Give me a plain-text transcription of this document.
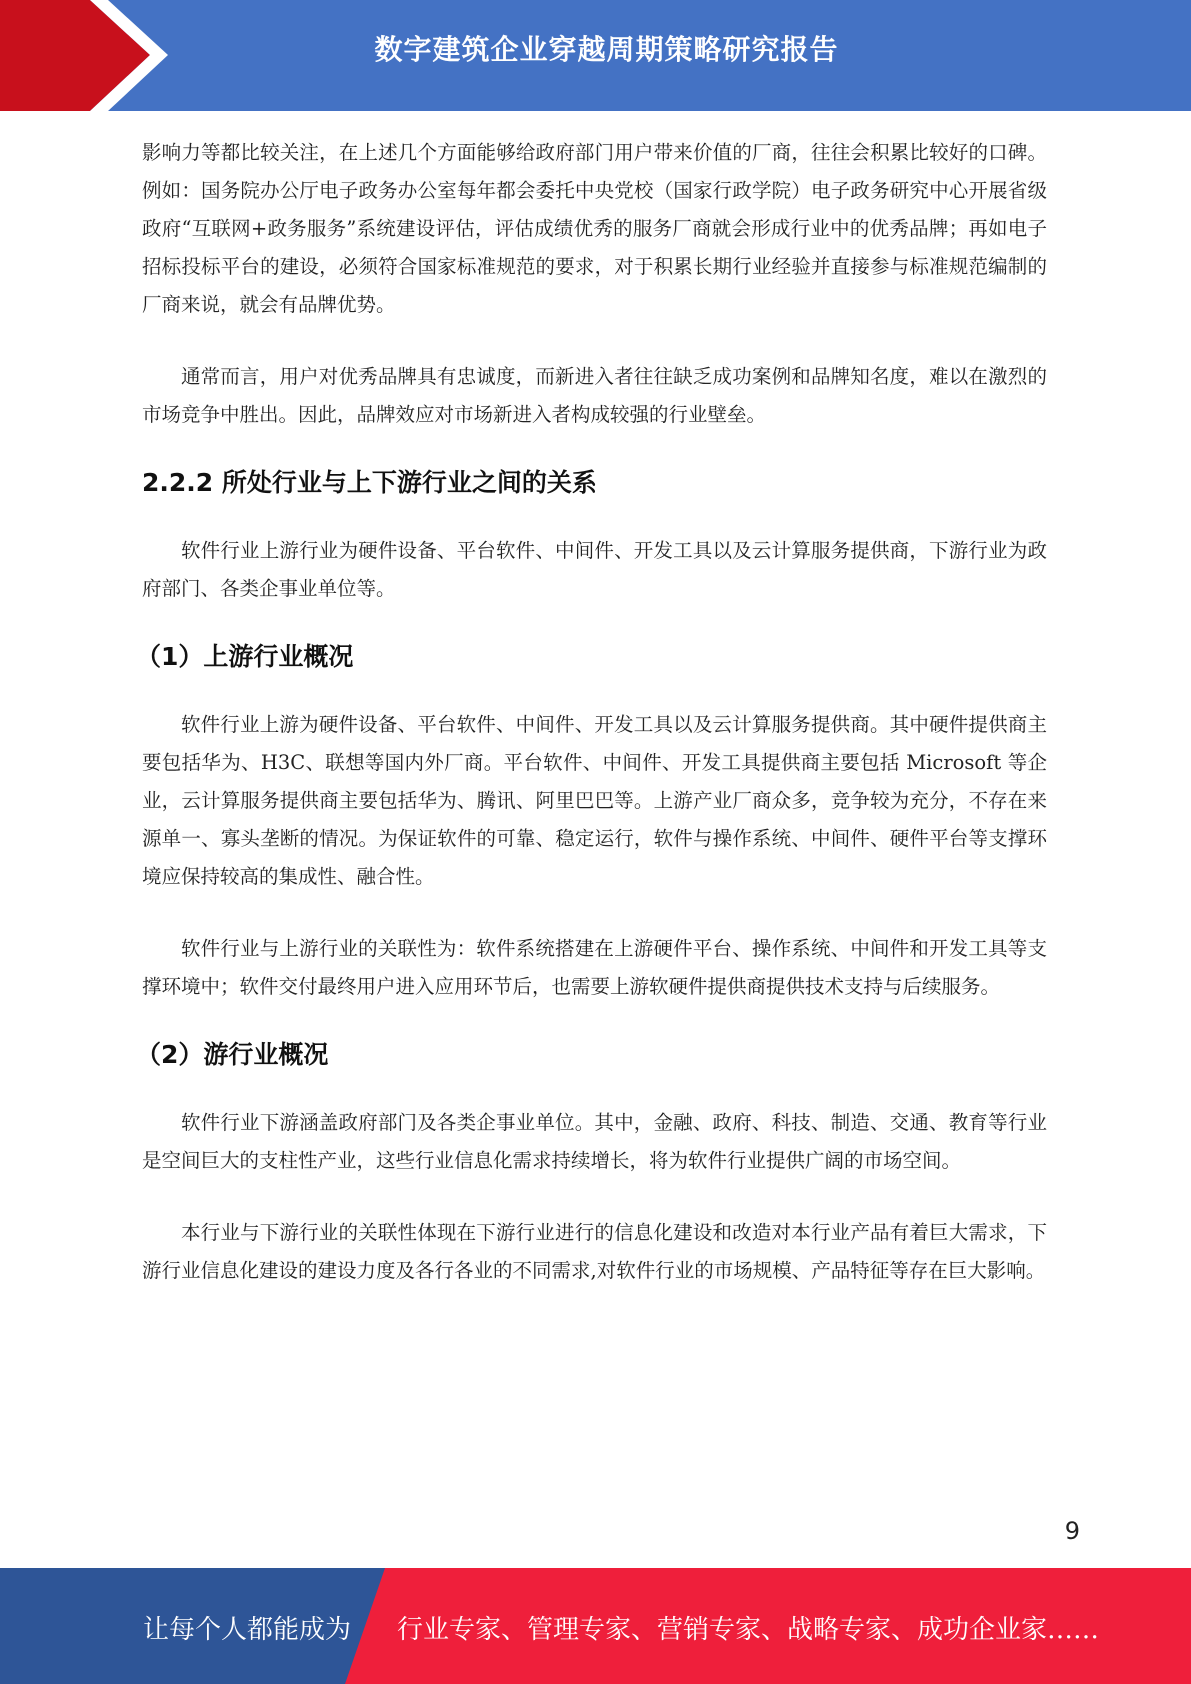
数字建筑企业穿越周期策略研究报告

影响力等都比较关注，在上述几个方面能够给政府部门用户带来价值的厂商，往往会积累比较好的口碑。例如：国务院办公厅电子政务办公室每年都会委托中央党校（国家行政学院）电子政务研究中心开展省级政府“互联网+政务服务”系统建设评估，评估成绩优秀的服务厂商就会形成行业中的优秀品牌；再如电子招标投标平台的建设，必须符合国家标准规范的要求，对于积累长期行业经验并直接参与标准规范编制的厂商来说，就会有品牌优势。

通常而言，用户对优秀品牌具有忠诚度，而新进入者往往缺乏成功案例和品牌知名度，难以在激烈的市场竞争中胜出。因此，品牌效应对市场新进入者构成较强的行业壁垒。

2.2.2 所处行业与上下游行业之间的关系

软件行业上游行业为硬件设备、平台软件、中间件、开发工具以及云计算服务提供商，下游行业为政府部门、各类企事业单位等。

（1）上游行业概况

软件行业上游为硬件设备、平台软件、中间件、开发工具以及云计算服务提供商。其中硬件提供商主要包括华为、H3C、联想等国内外厂商。平台软件、中间件、开发工具提供商主要包括 Microsoft 等企业，云计算服务提供商主要包括华为、腾讯、阿里巴巴等。上游产业厂商众多，竞争较为充分，不存在来源单一、寡头垄断的情况。为保证软件的可靠、稳定运行，软件与操作系统、中间件、硬件平台等支撑环境应保持较高的集成性、融合性。

软件行业与上游行业的关联性为：软件系统搭建在上游硬件平台、操作系统、中间件和开发工具等支撑环境中；软件交付最终用户进入应用环节后，也需要上游软硬件提供商提供技术支持与后续服务。

（2）游行业概况

软件行业下游涵盖政府部门及各类企事业单位。其中，金融、政府、科技、制造、交通、教育等行业是空间巨大的支柱性产业，这些行业信息化需求持续增长，将为软件行业提供广阔的市场空间。

本行业与下游行业的关联性体现在下游行业进行的信息化建设和改造对本行业产品有着巨大需求，下游行业信息化建设的建设力度及各行各业的不同需求,对软件行业的市场规模、产品特征等存在巨大影响。

9
让每个人都能成为 行业专家、管理专家、营销专家、战略专家、成功企业家……
